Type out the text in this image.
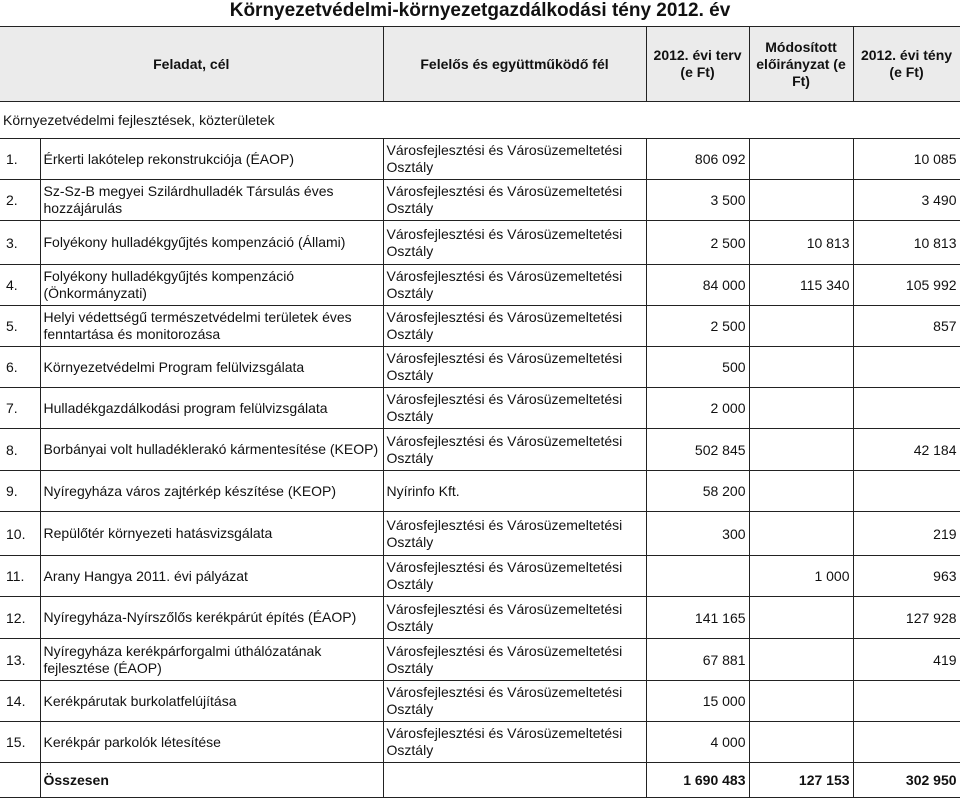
Környezetvédelmi-környezetgazdálkodási tény 2012. év
Feladat, cél		Felelős és együttműködő fél	2012. évi terv (e Ft)	Módosított előirányzat (e Ft)	2012. évi tény (e Ft)
Környezetvédelmi fejlesztések, közterületek					
1.	Érkerti lakótelep rekonstrukciója (ÉAOP)	Városfejlesztési és Városüzemeltetési Osztály	806 092		10 085
2.	Sz-Sz-B megyei Szilárdhulladék Társulás éves hozzájárulás	Városfejlesztési és Városüzemeltetési Osztály	3 500		3 490
3.	Folyékony hulladékgyűjtés kompenzáció (Állami)	Városfejlesztési és Városüzemeltetési Osztály	2 500	10 813	10 813
4.	Folyékony hulladékgyűjtés kompenzáció (Önkormányzati)	Városfejlesztési és Városüzemeltetési Osztály	84 000	115 340	105 992
5.	Helyi védettségű természetvédelmi területek éves fenntartása és monitorozása	Városfejlesztési és Városüzemeltetési Osztály	2 500		857
6.	Környezetvédelmi Program felülvizsgálata	Városfejlesztési és Városüzemeltetési Osztály	500		
7.	Hulladékgazdálkodási program felülvizsgálata	Városfejlesztési és Városüzemeltetési Osztály	2 000		
8.	Borbányai volt hulladéklerakó kármentesítése (KEOP)	Városfejlesztési és Városüzemeltetési Osztály	502 845		42 184
9.	Nyíregyháza város zajtérkép készítése (KEOP)	Nyírinfo Kft.	58 200		
10.	Repülőtér környezeti hatásvizsgálata	Városfejlesztési és Városüzemeltetési Osztály	300		219
11.	Arany Hangya 2011. évi pályázat	Városfejlesztési és Városüzemeltetési Osztály		1 000	963
12.	Nyíregyháza-Nyírszőlős kerékpárút építés (ÉAOP)	Városfejlesztési és Városüzemeltetési Osztály	141 165		127 928
13.	Nyíregyháza kerékpárforgalmi úthálózatának fejlesztése (ÉAOP)	Városfejlesztési és Városüzemeltetési Osztály	67 881		419
14.	Kerékpárutak burkolatfelújítása	Városfejlesztési és Városüzemeltetési Osztály	15 000		
15.	Kerékpár parkolók létesítése	Városfejlesztési és Városüzemeltetési Osztály	4 000		
	Összesen		1 690 483	127 153	302 950
